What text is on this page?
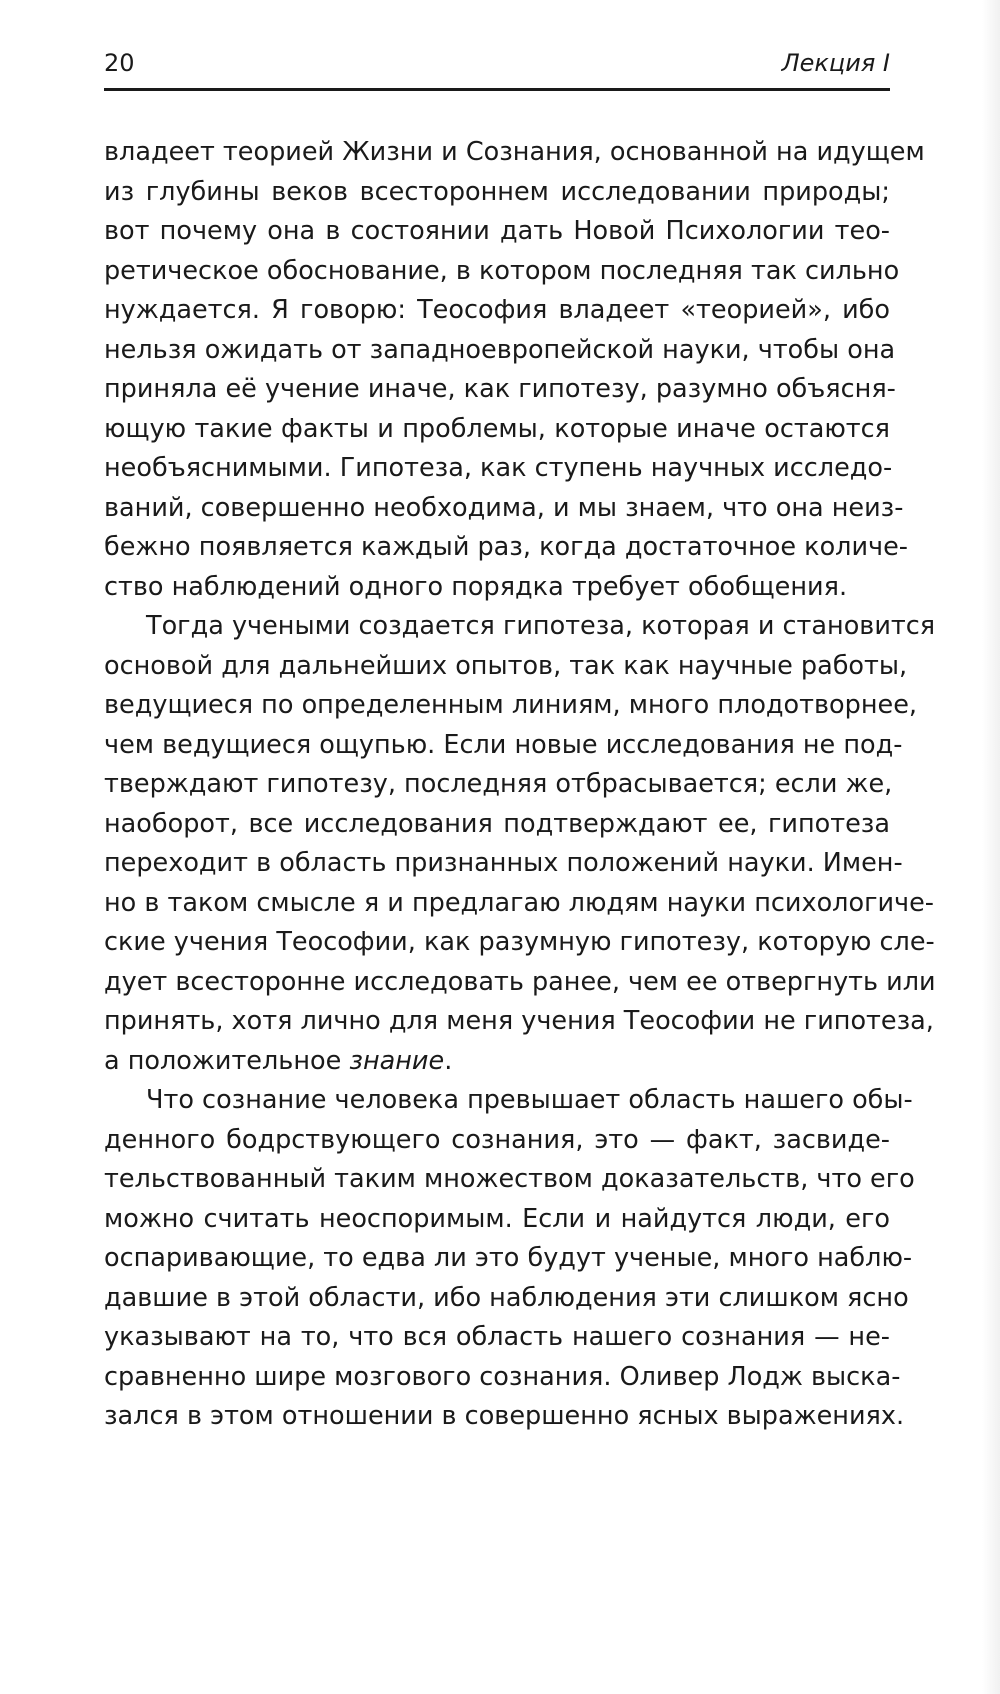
20	Лекция I
владеет теорией Жизни и Сознания, основанной на идущем
из глубины веков всестороннем исследовании природы;
вот почему она в состоянии дать Новой Психологии тео-
ретическое обоснование, в котором последняя так сильно
нуждается. Я говорю: Теософия владеет «теорией», ибо
нельзя ожидать от западноевропейской науки, чтобы она
приняла её учение иначе, как гипотезу, разумно объясня-
ющую такие факты и проблемы, которые иначе остаются
необъяснимыми. Гипотеза, как ступень научных исследо-
ваний, совершенно необходима, и мы знаем, что она неиз-
бежно появляется каждый раз, когда достаточное количе-
ство наблюдений одного порядка требует обобщения.
Тогда учеными создается гипотеза, которая и становится
основой для дальнейших опытов, так как научные работы,
ведущиеся по определенным линиям, много плодотворнее,
чем ведущиеся ощупью. Если новые исследования не под-
тверждают гипотезу, последняя отбрасывается; если же,
наоборот, все исследования подтверждают ее, гипотеза
переходит в область признанных положений науки. Имен-
но в таком смысле я и предлагаю людям науки психологиче-
ские учения Теософии, как разумную гипотезу, которую сле-
дует всесторонне исследовать ранее, чем ее отвергнуть или
принять, хотя лично для меня учения Теософии не гипотеза,
а положительное знание.
Что сознание человека превышает область нашего обы-
денного бодрствующего сознания, это — факт, засвиде-
тельствованный таким множеством доказательств, что его
можно считать неоспоримым. Если и найдутся люди, его
оспаривающие, то едва ли это будут ученые, много наблю-
давшие в этой области, ибо наблюдения эти слишком ясно
указывают на то, что вся область нашего сознания — не-
сравненно шире мозгового сознания. Оливер Лодж выска-
зался в этом отношении в совершенно ясных выражениях.
